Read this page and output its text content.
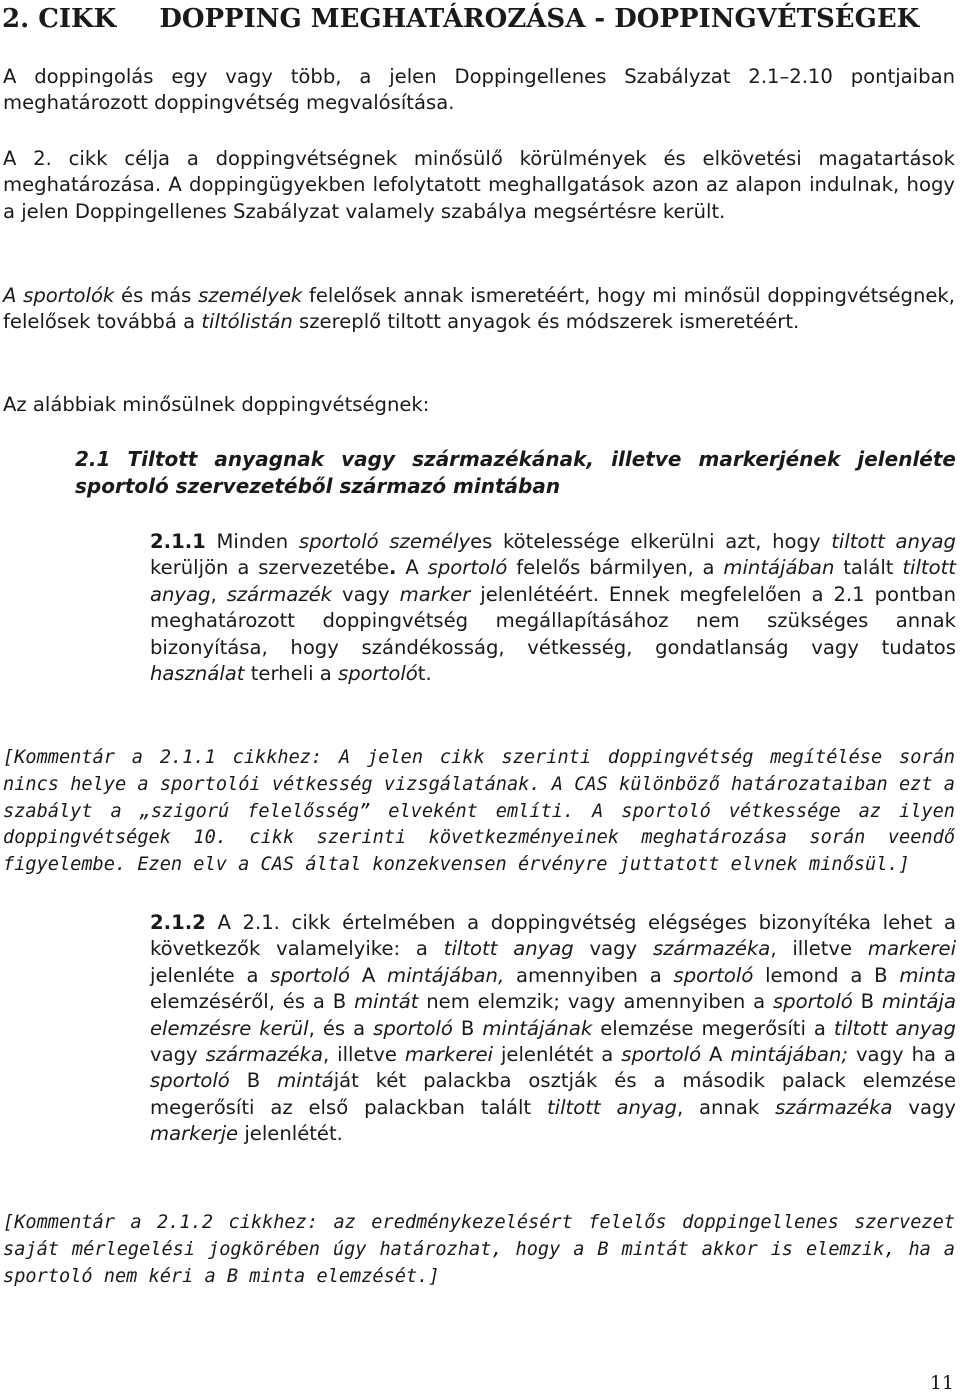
2. CIKK DOPPING MEGHATÁROZÁSA - DOPPINGVÉTSÉGEK

A doppingolás egy vagy több, a jelen Doppingellenes Szabályzat 2.1–2.10 pontjaiban meghatározott doppingvétség megvalósítása.

A 2. cikk célja a doppingvétségnek minősülő körülmények és elkövetési magatartások meghatározása. A doppingügyekben lefolytatott meghallgatások azon az alapon indulnak, hogy a jelen Doppingellenes Szabályzat valamely szabálya megsértésre került.

A sportolók és más személyek felelősek annak ismeretéért, hogy mi minősül doppingvétségnek, felelősek továbbá a tiltólistán szereplő tiltott anyagok és módszerek ismeretéért.

Az alábbiak minősülnek doppingvétségnek:

2.1 Tiltott anyagnak vagy származékának, illetve markerjének jelenléte sportoló szervezetéből származó mintában

2.1.1 Minden sportoló személyes kötelessége elkerülni azt, hogy tiltott anyag kerüljön a szervezetébe. A sportoló felelős bármilyen, a mintájában talált tiltott anyag, származék vagy marker jelenlétéért. Ennek megfelelően a 2.1 pontban meghatározott doppingvétség megállapításához nem szükséges annak bizonyítása, hogy szándékosság, vétkesség, gondatlanság vagy tudatos használat terheli a sportolót.

[Kommentár a 2.1.1 cikkhez: A jelen cikk szerinti doppingvétség megítélése során nincs helye a sportolói vétkesség vizsgálatának. A CAS különböző határozataiban ezt a szabályt a „szigorú felelősség” elveként említi. A sportoló vétkessége az ilyen doppingvétségek 10. cikk szerinti következményeinek meghatározása során veendő figyelembe. Ezen elv a CAS által konzekvensen érvényre juttatott elvnek minősül.]

2.1.2 A 2.1. cikk értelmében a doppingvétség elégséges bizonyítéka lehet a következők valamelyike: a tiltott anyag vagy származéka, illetve markerei jelenléte a sportoló A mintájában, amennyiben a sportoló lemond a B minta elemzéséről, és a B mintát nem elemzik; vagy amennyiben a sportoló B mintája elemzésre kerül, és a sportoló B mintájának elemzése megerősíti a tiltott anyag vagy származéka, illetve markerei jelenlétét a sportoló A mintájában; vagy ha a sportoló B mintáját két palackba osztják és a második palack elemzése megerősíti az első palackban talált tiltott anyag, annak származéka vagy markerje jelenlétét.

[Kommentár a 2.1.2 cikkhez: az eredménykezelésért felelős doppingellenes szervezet saját mérlegelési jogkörében úgy határozhat, hogy a B mintát akkor is elemzik, ha a sportoló nem kéri a B minta elemzését.]

11
